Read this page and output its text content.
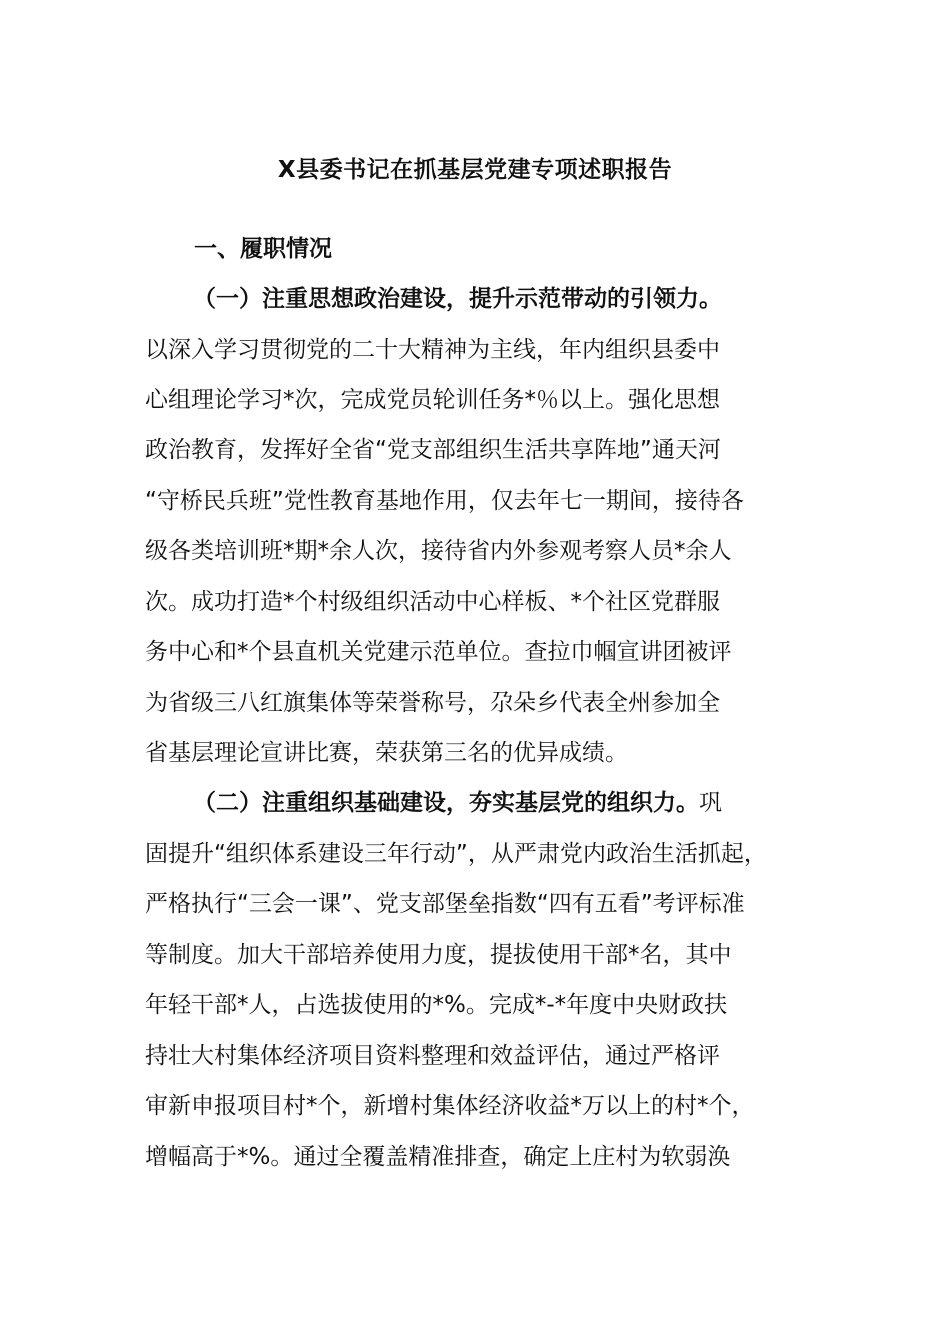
X县委书记在抓基层党建专项述职报告
一、履职情况
（一）注重思想政治建设，提升示范带动的引领力。
以深入学习贯彻党的二十大精神为主线，年内组织县委中
心组理论学习*次，完成党员轮训任务*％以上。强化思想
政治教育，发挥好全省“党支部组织生活共享阵地”通天河
“守桥民兵班”党性教育基地作用，仅去年七一期间，接待各
级各类培训班*期*余人次，接待省内外参观考察人员*余人
次。成功打造*个村级组织活动中心样板、*个社区党群服
务中心和*个县直机关党建示范单位。查拉巾帼宣讲团被评
为省级三八红旗集体等荣誉称号，尕朵乡代表全州参加全
省基层理论宣讲比赛，荣获第三名的优异成绩。
（二）注重组织基础建设，夯实基层党的组织力。巩
固提升“组织体系建设三年行动”，从严肃党内政治生活抓起，
严格执行“三会一课”、党支部堡垒指数“四有五看”考评标准
等制度。加大干部培养使用力度，提拔使用干部*名，其中
年轻干部*人，占选拔使用的*%。完成*-*年度中央财政扶
持壮大村集体经济项目资料整理和效益评估，通过严格评
审新申报项目村*个，新增村集体经济收益*万以上的村*个，
增幅高于*%。通过全覆盖精准排查，确定上庄村为软弱涣
